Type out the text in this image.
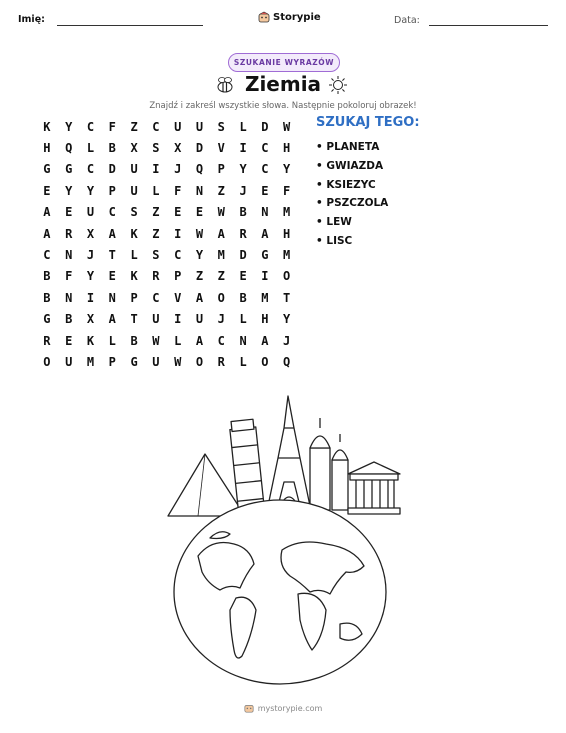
Imię:	Storypie	Data:
SZUKANIE WYRAZÓW
Ziemia
Znajdź i zakreśl wszystkie słowa. Następnie pokoloruj obrazek!
K	Y	C	F	Z	C	U	U	S	L	D	W
H	Q	L	B	X	S	X	D	V	I	C	H
G	G	C	D	U	I	J	Q	P	Y	C	Y
E	Y	Y	P	U	L	F	N	Z	J	E	F
A	E	U	C	S	Z	E	E	W	B	N	M
A	R	X	A	K	Z	I	W	A	R	A	H
C	N	J	T	L	S	C	Y	M	D	G	M
B	F	Y	E	K	R	P	Z	Z	E	I	O
B	N	I	N	P	C	V	A	O	B	M	T
G	B	X	A	T	U	I	U	J	L	H	Y
R	E	K	L	B	W	L	A	C	N	A	J
O	U	M	P	G	U	W	O	R	L	O	Q
SZUKAJ TEGO:
• PLANETA
• GWIAZDA
• KSIEZYC
• PSZCZOLA
• LEW
• LISC
mystorypie.com
